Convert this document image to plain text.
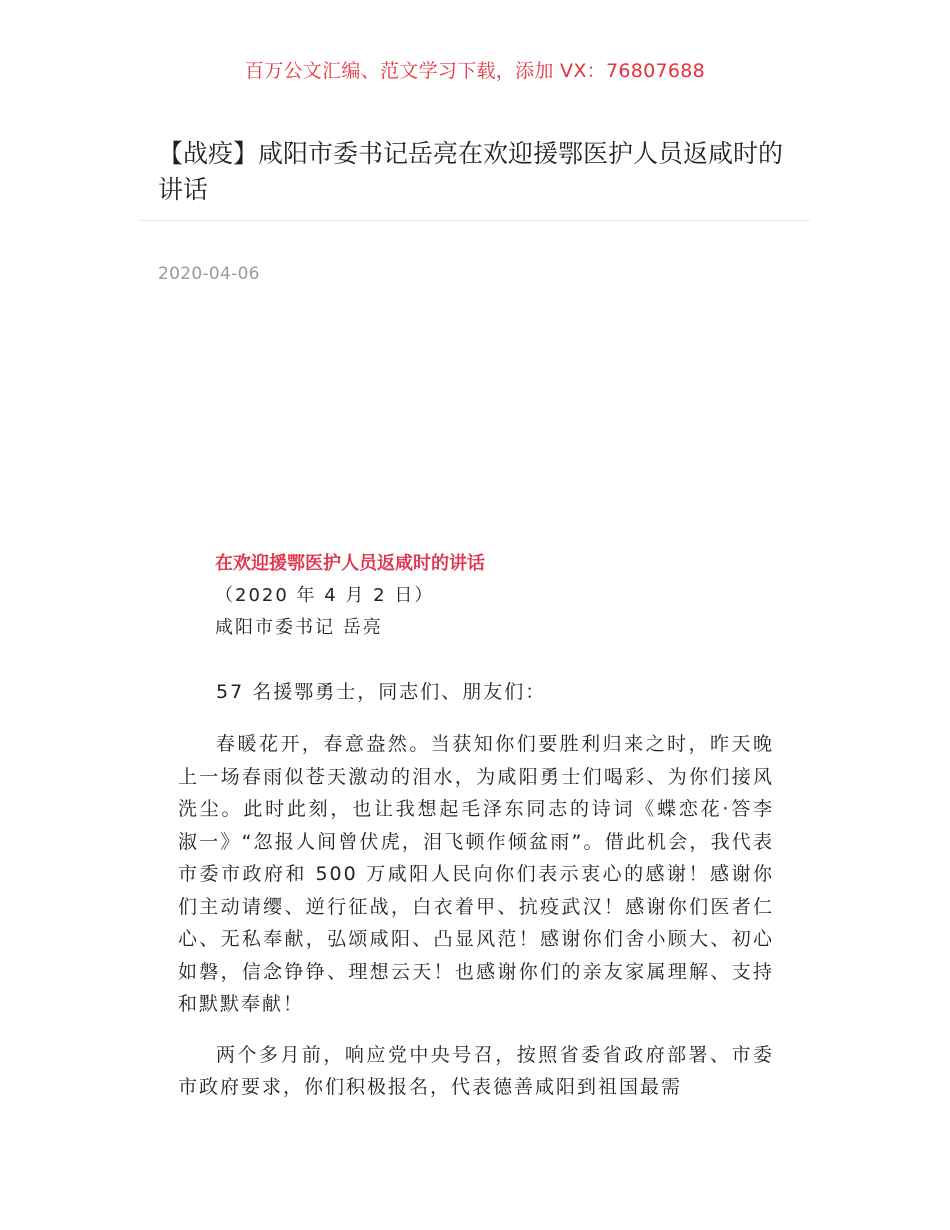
百万公文汇编、范文学习下载，添加 VX：76807688
【战疫】咸阳市委书记岳亮在欢迎援鄂医护人员返咸时的讲话
2020-04-06
在欢迎援鄂医护人员返咸时的讲话
（2020 年 4 月 2 日）
咸阳市委书记 岳亮

57 名援鄂勇士，同志们、朋友们：

春暖花开，春意盎然。当获知你们要胜利归来之时，昨天晚上一场春雨似苍天激动的泪水，为咸阳勇士们喝彩、为你们接风洗尘。此时此刻，也让我想起毛泽东同志的诗词《蝶恋花·答李淑一》“忽报人间曾伏虎，泪飞顿作倾盆雨”。借此机会，我代表市委市政府和 500 万咸阳人民向你们表示衷心的感谢！感谢你们主动请缨、逆行征战，白衣着甲、抗疫武汉！感谢你们医者仁心、无私奉献，弘颂咸阳、凸显风范！感谢你们舍小顾大、初心如磐，信念铮铮、理想云天！也感谢你们的亲友家属理解、支持和默默奉献！

两个多月前，响应党中央号召，按照省委省政府部署、市委市政府要求，你们积极报名，代表德善咸阳到祖国最需
